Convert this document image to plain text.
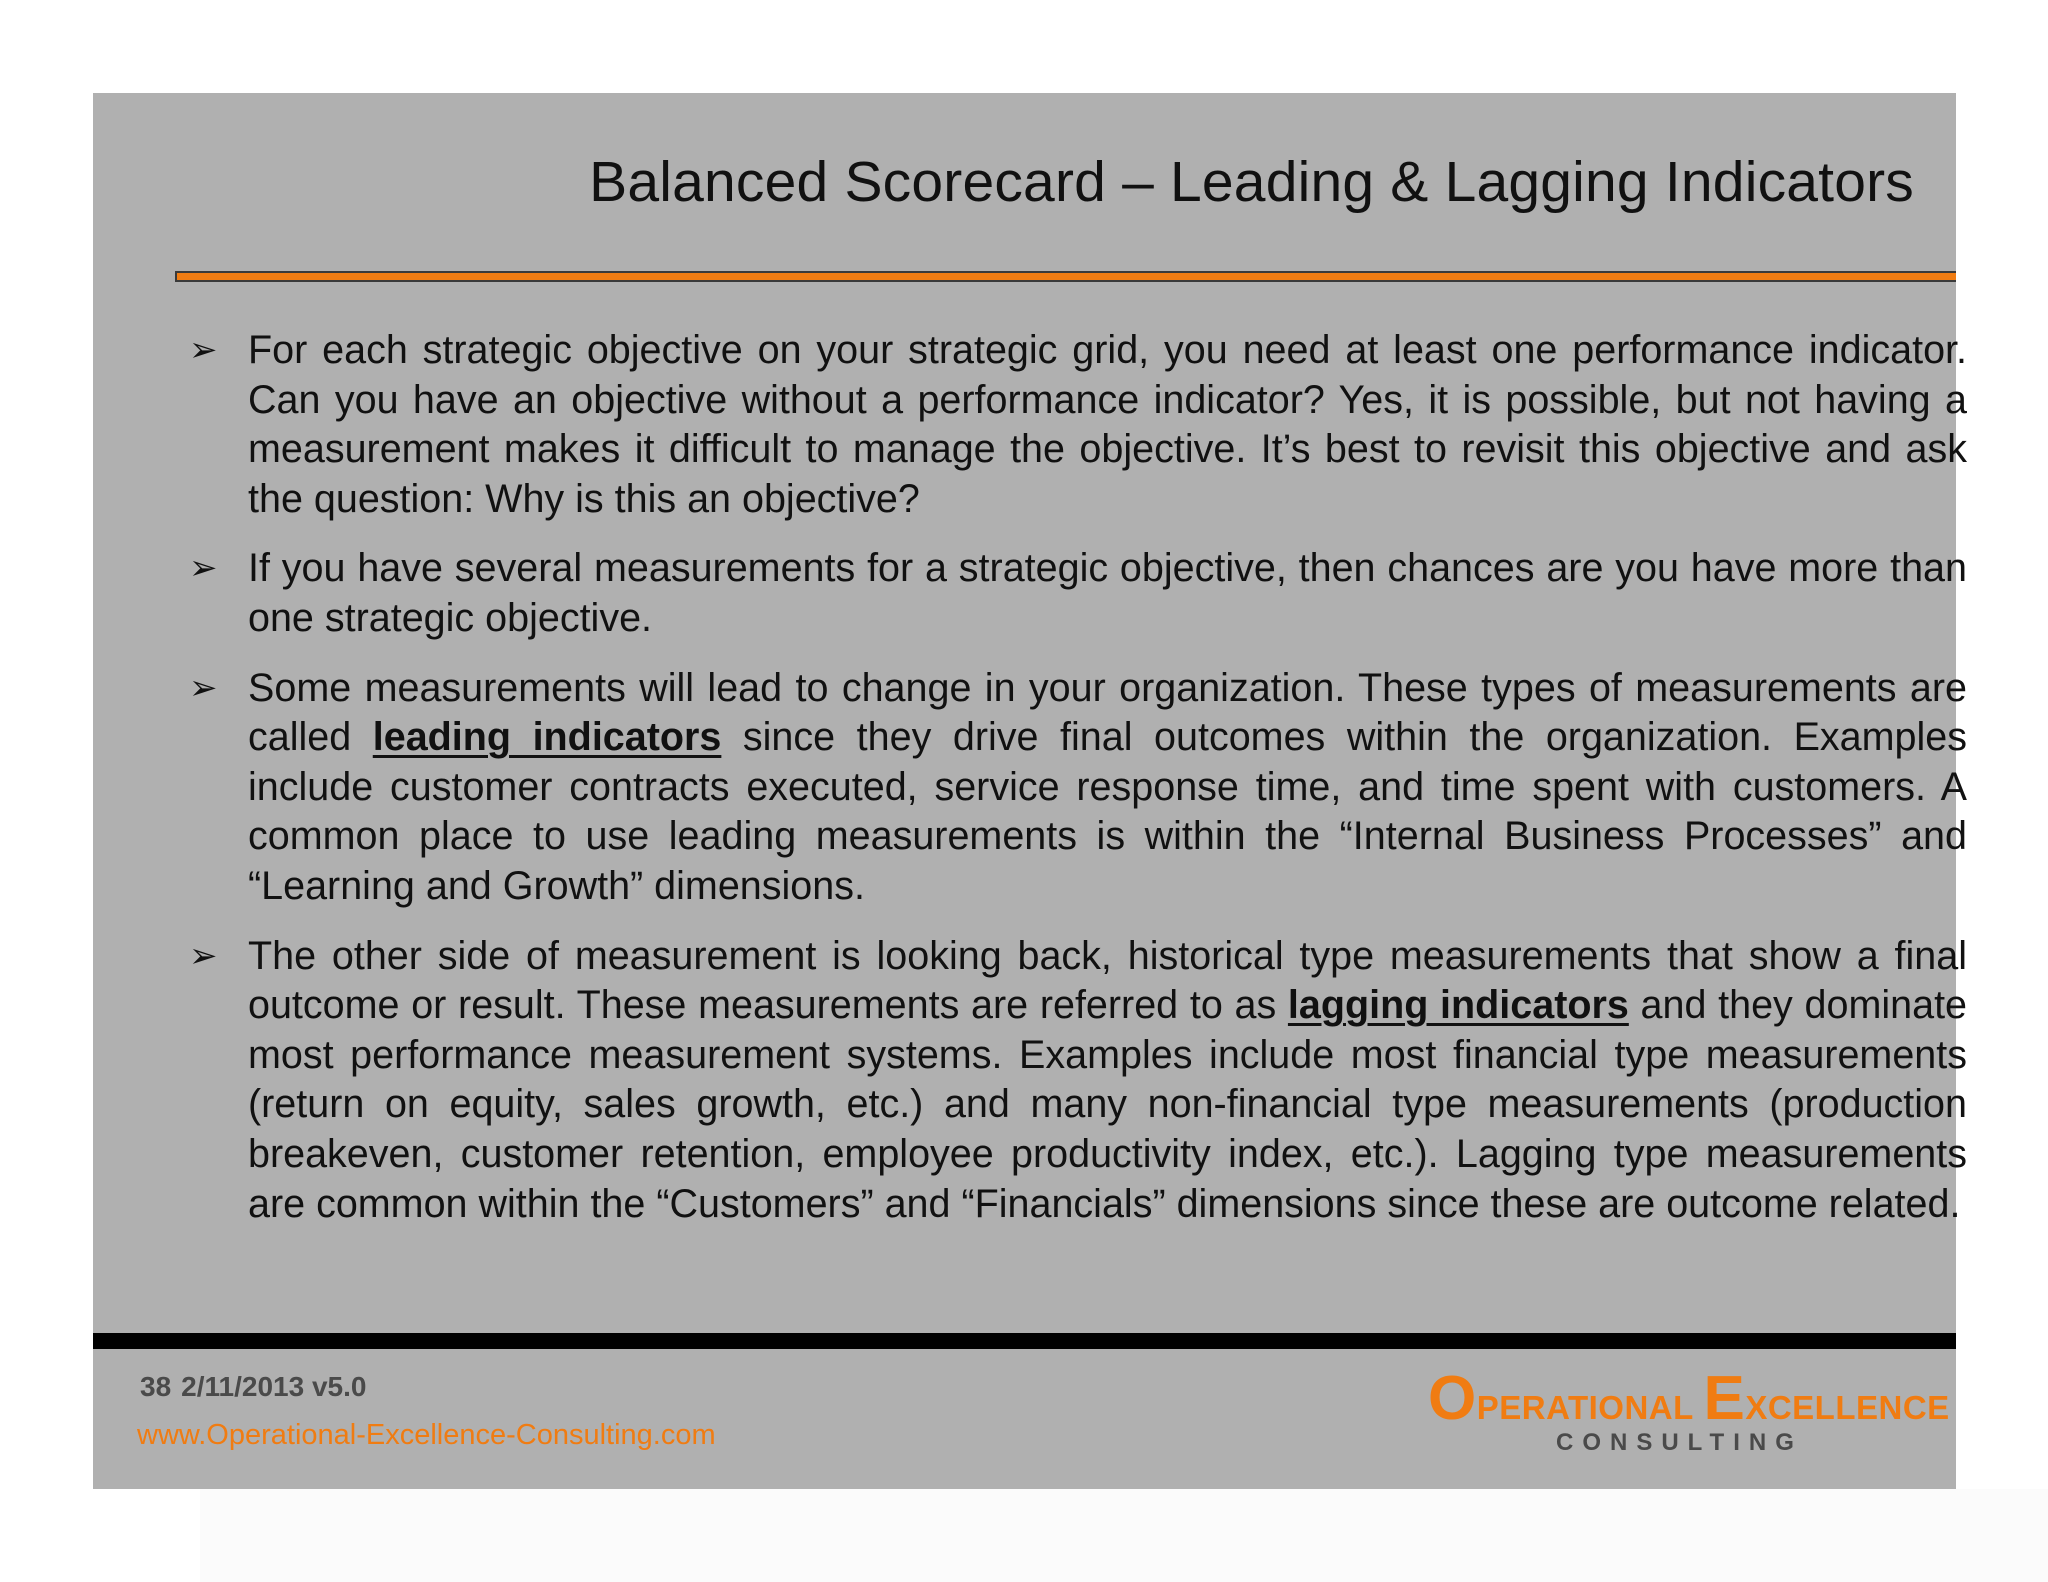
Balanced Scorecard – Leading & Lagging Indicators
➢ For each strategic objective on your strategic grid, you need at least one performance indicator. Can you have an objective without a performance indicator? Yes, it is possible, but not having a measurement makes it difficult to manage the objective. It’s best to revisit this objective and ask the question: Why is this an objective?
➢ If you have several measurements for a strategic objective, then chances are you have more than one strategic objective.
➢ Some measurements will lead to change in your organization. These types of measurements are called leading indicators since they drive final outcomes within the organization. Examples include customer contracts executed, service response time, and time spent with customers. A common place to use leading measurements is within the “Internal Business Processes” and “Learning and Growth” dimensions.
➢ The other side of measurement is looking back, historical type measurements that show a final outcome or result. These measurements are referred to as lagging indicators and they dominate most performance measurement systems. Examples include most financial type measurements (return on equity, sales growth, etc.) and many non-financial type measurements (production breakeven, customer retention, employee productivity index, etc.). Lagging type measurements are common within the “Customers” and “Financials” dimensions since these are outcome related.
38 2/11/2013 v5.0
www.Operational-Excellence-Consulting.com
OPERATIONAL EXCELLENCE
CONSULTING
